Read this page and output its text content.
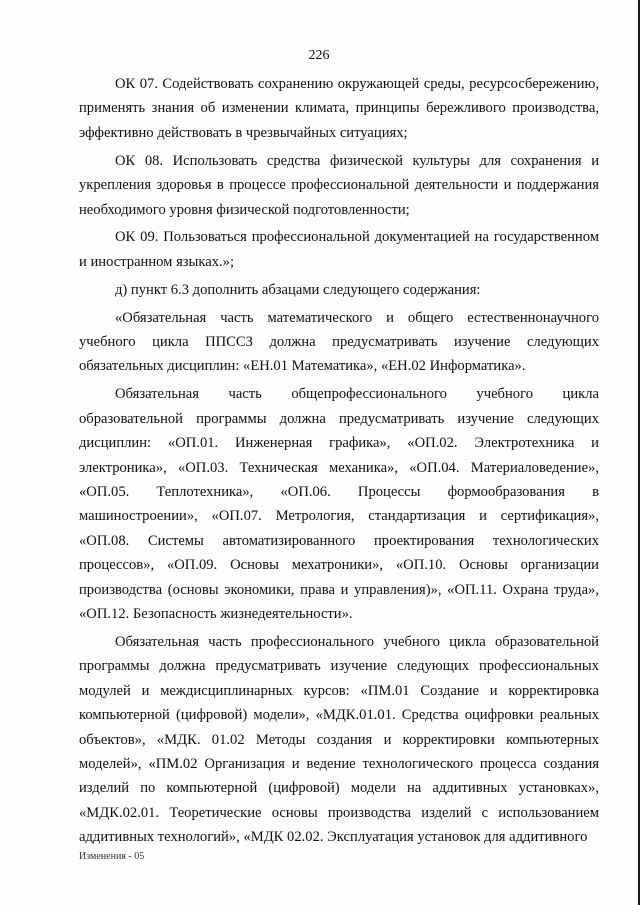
226

ОК 07. Содействовать сохранению окружающей среды, ресурсосбережению, применять знания об изменении климата, принципы бережливого производства, эффективно действовать в чрезвычайных ситуациях;

ОК 08. Использовать средства физической культуры для сохранения и укрепления здоровья в процессе профессиональной деятельности и поддержания необходимого уровня физической подготовленности;

ОК 09. Пользоваться профессиональной документацией на государственном и иностранном языках.»;

д) пункт 6.3 дополнить абзацами следующего содержания:

«Обязательная часть математического и общего естественнонаучного учебного цикла ППССЗ должна предусматривать изучение следующих обязательных дисциплин: «ЕН.01 Математика», «ЕН.02 Информатика».

Обязательная часть общепрофессионального учебного цикла образовательной программы должна предусматривать изучение следующих дисциплин: «ОП.01. Инженерная графика», «ОП.02. Электротехника и электроника», «ОП.03. Техническая механика», «ОП.04. Материаловедение», «ОП.05. Теплотехника», «ОП.06. Процессы формообразования в машиностроении», «ОП.07. Метрология, стандартизация и сертификация», «ОП.08. Системы автоматизированного проектирования технологических процессов», «ОП.09. Основы мехатроники», «ОП.10. Основы организации производства (основы экономики, права и управления)», «ОП.11. Охрана труда», «ОП.12. Безопасность жизнедеятельности».

Обязательная часть профессионального учебного цикла образовательной программы должна предусматривать изучение следующих профессиональных модулей и междисциплинарных курсов: «ПМ.01 Создание и корректировка компьютерной (цифровой) модели», «МДК.01.01. Средства оцифровки реальных объектов», «МДК. 01.02 Методы создания и корректировки компьютерных моделей», «ПМ.02 Организация и ведение технологического процесса создания изделий по компьютерной (цифровой) модели на аддитивных установках», «МДК.02.01. Теоретические основы производства изделий с использованием аддитивных технологий», «МДК 02.02. Эксплуатация установок для аддитивного

Изменения - 05
